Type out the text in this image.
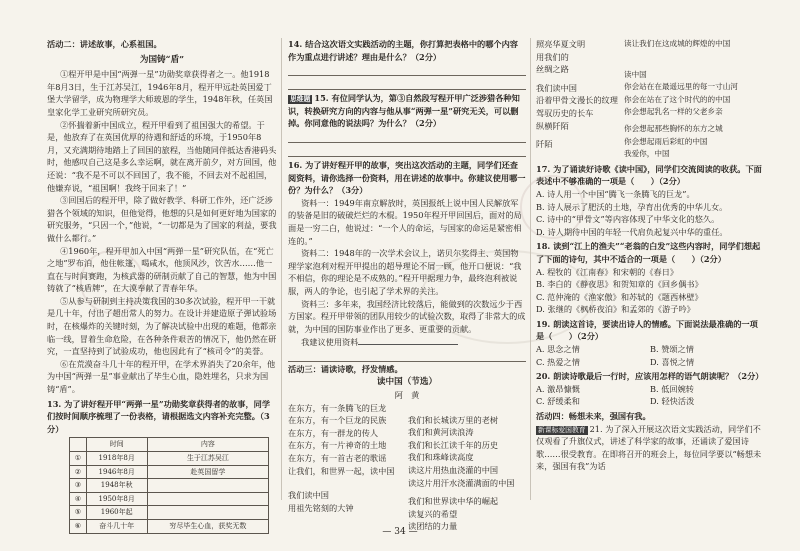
活动二：讲述故事，心系祖国。

为国铸“盾”

①程开甲是中国“两弹一星”功勋奖章获得者之一。他1918年8月3日，生于江苏吴江，1946年8月，程开甲远赴英国爱丁堡大学留学，成为物理学大师玻恩的学生，1948年秋，任英国皇家化学工业研究所研究员。

②怀揣着新中国成立，程开甲看到了祖国强大的希望。于是，他放弃了在英国优厚的待遇和舒适的环境，于1950年8月，又充满期待地踏上了回国的旅程，当他随同伴抵达香港码头时，他感叹自己这是多么幸运啊，就在离开前夕，对方回国，他还说：“我不是不可以不回国了，我不能，不回去对不起祖国，他嫌弃说，“祖国啊！我终于回来了！”

③回国后的程开甲，除了做好教学、科研工作外，还广泛涉猎各个领域的知识，但他觉得，他想的只是如何更好地为国家的研究服务，“只因一个，”他说，“一切都是为了国家的利益，要我做什么都行。”

④1960年，程开甲加入中国“两弹一星”研究队伍，在“死亡之地”罗布泊，他住帐篷，喝咸水，他顶风沙，饮苦水……他一直在与时间赛跑，为核武器的研制贡献了自己的智慧，他为中国铸就了“核盾牌”，在大漠奉献了青春年华。

⑤从参与研制到主持决策我国的30多次试验，程开甲一干就是几十年，付出了超出常人的努力。在设计并建造原子弹试验场时，在核爆炸的关键时刻，为了解决试验中出现的难题，他都亲临一线，冒着生命危险，在各种条件艰苦的情况下，他仍然在研究，一直坚持到了试验成功，他也因此有了“核司令”的美誉。

⑥在荒漠奋斗几十年的程开甲，在学术界消失了20余年，他为中国“两弹一星”事业献出了毕生心血，隐姓埋名，只求为国铸“盾”。

13. 为了讲好程开甲“两弹一星”功勋奖章获得者的故事，同学们按时间顺序梳理了一份表格，请根据选文内容补充完整。（3分）

	时间	内容
①	1918年8月	生于江苏吴江
②	1946年8月	赴英国留学
③	1948年秋	
④	1950年8月	
⑤	1960年起	
⑥	奋斗几十年	穷尽毕生心血，获奖无数

14. 结合这次语文实践活动的主题，你打算把表格中的哪个内容作为重点进行讲述？理由是什么？（2分）

思维题 15. 有位同学认为，第③自然段写程开甲广泛涉猎各种知识，转换研究方向的内容与他从事“两弹一星”研究无关，可以删掉。你同意他的说法吗？为什么？（2分）

16. 为了讲好程开甲的故事，突出这次活动的主题，同学们还查阅资料，请你选择一份资料，用在讲述的故事中。你建议使用哪一份？为什么？（3分）

资料一：1949年南京解放时，英国报纸上说中国人民解放军的装备是旧的破破烂烂的木棍。1950年程开甲回国后，面对的局面是一穷二白，他说过：“一个人的命运，与国家的命运是紧密相连的。”

资料二：1948年的一次学术会议上，诺贝尔奖得主、英国物理学家泡利对程开甲提出的超导理论不屑一顾，他开口便说：“我不相信，你的理论是不成熟的。”程开甲据理力争，最终泡利被说服，两人的争论，也引起了学术界的关注。

资料三：多年来，我国经济比较落后，能做到的次数远少于西方国家。程开甲带领的团队用较少的试验次数，取得了非常大的成就，为中国的国防事业作出了更多、更重要的贡献。

我建议使用资料

活动三：诵读诗歌，抒发情感。

读中国（节选）

阿　黄

在东方，有一条腾飞的巨龙
在东方，有一个巨龙的民族
在东方，有一群龙的传人
在东方，有一片神奇的土地
在东方，有一首古老的歌谣
让我们，和世界一起，读中国
我们读中国
用祖先铭刻的大钟
我们和长城读万里的老树
我们和黄河读浪涛
我们和长江读千年的历史
我们和珠峰读高度
读这片用热血浇灌的中国
读这片用汗水浇灌满面的中国
我们和世界读中华的崛起
读复兴的希望
读团结的力量
照亮华夏文明
用我们的
丝绸之路
我们读中国
沿着甲骨文漫长的纹理
驾驭历史的长车
纵横阡陌
阡陌
读让我们在这成城的辉煌的中国
读中国
你会站在在最遥远里的每一寸山河
你会在站在了这个时代的的中国
你会想起乳名一样的父老乡亲
你会想起那些胸怀的东方之城
你会想起雨后彩虹的中国
我爱你，中国

17. 为了诵读好诗歌《读中国》，同学们交流阅读的收获。下面表述中不够准确的一项是（　　）（2分）

A. 诗人用一个中国“腾飞一条腾飞的巨龙”。

B. 诗人展示了肥沃的土地，孕育出优秀的中华儿女。

C. 诗中的“甲骨文”等内容体现了中华文化的悠久。

D. 诗人期待中国的年轻一代肩负起复兴中华的重任。

18. 读到“江上的渔夫”“老翁的白发”这些内容时，同学们想起了下面的诗句，其中不适合的一项是（　　）（2分）

A. 程牧的《江南春》和宋朝的《春日》

B. 李白的《静夜思》和贺知章的《回乡偶书》

C. 范仲淹的《渔家傲》和苏轼的《题西林壁》

D. 张继的《枫桥夜泊》和孟郊的《游子吟》

19. 朗读这首诗，要读出诗人的情感。下面说法最准确的一项是（　　）（2分）

A. 思念之情	B. 赞颂之情
C. 热爱之情	D. 喜悦之情

20. 朗读诗歌最后一行时，应该用怎样的语气朗读呢？（2分）

A. 激昂慷慨	B. 低回婉转
C. 舒缓柔和	D. 轻快活泼

活动四：畅想未来，强国有我。

新课标爱国教育 21. 为了深入开展这次语文实践活动，同学们不仅观看了升旗仪式，讲述了科学家的故事，还诵读了爱国诗歌……很受教育。在即将召开的班会上，每位同学要以“畅想未来，强国有我”为话

— 34 —
